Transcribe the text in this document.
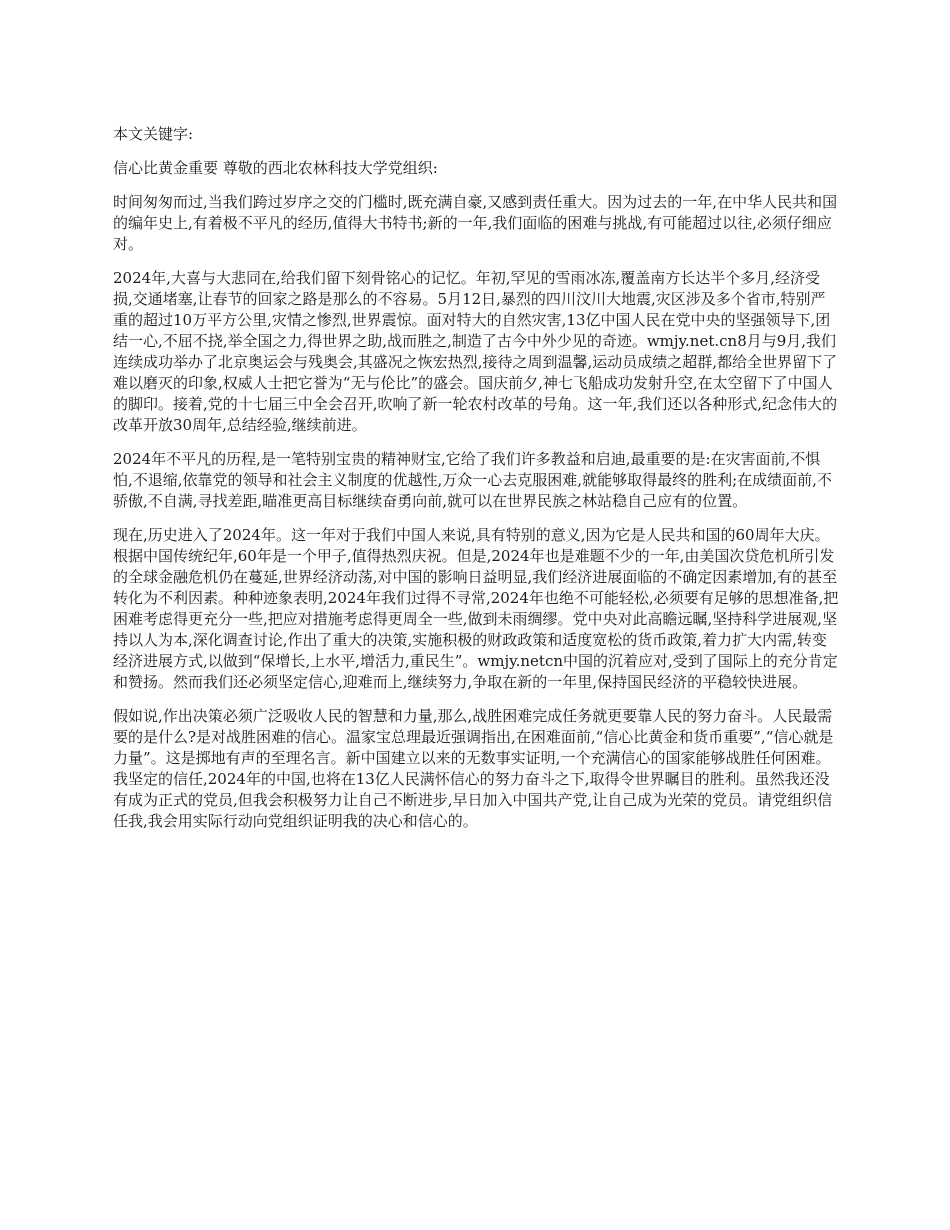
本文关键字:

信心比黄金重要 尊敬的西北农林科技大学党组织:

时间匆匆而过,当我们跨过岁序之交的门槛时,既充满自豪,又感到责任重大。因为过去的一年,在中华人民共和国的编年史上,有着极不平凡的经历,值得大书特书;新的一年,我们面临的困难与挑战,有可能超过以往,必须仔细应对。

2024年,大喜与大悲同在,给我们留下刻骨铭心的记忆。年初,罕见的雪雨冰冻,覆盖南方长达半个多月,经济受损,交通堵塞,让春节的回家之路是那么的不容易。5月12日,暴烈的四川汶川大地震,灾区涉及多个省市,特别严重的超过10万平方公里,灾情之惨烈,世界震惊。面对特大的自然灾害,13亿中国人民在党中央的坚强领导下,团结一心,不屈不挠,举全国之力,得世界之助,战而胜之,制造了古今中外少见的奇迹。wmjy.net.cn8月与9月,我们连续成功举办了北京奥运会与残奥会,其盛况之恢宏热烈,接待之周到温馨,运动员成绩之超群,都给全世界留下了难以磨灭的印象,权威人士把它誉为“无与伦比”的盛会。国庆前夕,神七飞船成功发射升空,在太空留下了中国人的脚印。接着,党的十七届三中全会召开,吹响了新一轮农村改革的号角。这一年,我们还以各种形式,纪念伟大的改革开放30周年,总结经验,继续前进。

2024年不平凡的历程,是一笔特别宝贵的精神财宝,它给了我们许多教益和启迪,最重要的是:在灾害面前,不惧怕,不退缩,依靠党的领导和社会主义制度的优越性,万众一心去克服困难,就能够取得最终的胜利;在成绩面前,不骄傲,不自满,寻找差距,瞄准更高目标继续奋勇向前,就可以在世界民族之林站稳自己应有的位置。

现在,历史进入了2024年。这一年对于我们中国人来说,具有特别的意义,因为它是人民共和国的60周年大庆。根据中国传统纪年,60年是一个甲子,值得热烈庆祝。但是,2024年也是难题不少的一年,由美国次贷危机所引发的全球金融危机仍在蔓延,世界经济动荡,对中国的影响日益明显,我们经济进展面临的不确定因素增加,有的甚至转化为不利因素。种种迹象表明,2024年我们过得不寻常,2024年也绝不可能轻松,必须要有足够的思想准备,把困难考虑得更充分一些,把应对措施考虑得更周全一些,做到未雨绸缪。党中央对此高瞻远瞩,坚持科学进展观,坚持以人为本,深化调查讨论,作出了重大的决策,实施积极的财政政策和适度宽松的货币政策,着力扩大内需,转变经济进展方式,以做到“保增长,上水平,增活力,重民生”。wmjy.netcn中国的沉着应对,受到了国际上的充分肯定和赞扬。然而我们还必须坚定信心,迎难而上,继续努力,争取在新的一年里,保持国民经济的平稳较快进展。

假如说,作出决策必须广泛吸收人民的智慧和力量,那么,战胜困难完成任务就更要靠人民的努力奋斗。人民最需要的是什么?是对战胜困难的信心。温家宝总理最近强调指出,在困难面前,“信心比黄金和货币重要”,“信心就是力量”。这是掷地有声的至理名言。新中国建立以来的无数事实证明,一个充满信心的国家能够战胜任何困难。我坚定的信任,2024年的中国,也将在13亿人民满怀信心的努力奋斗之下,取得令世界瞩目的胜利。虽然我还没有成为正式的党员,但我会积极努力让自己不断进步,早日加入中国共产党,让自己成为光荣的党员。请党组织信任我,我会用实际行动向党组织证明我的决心和信心的。
